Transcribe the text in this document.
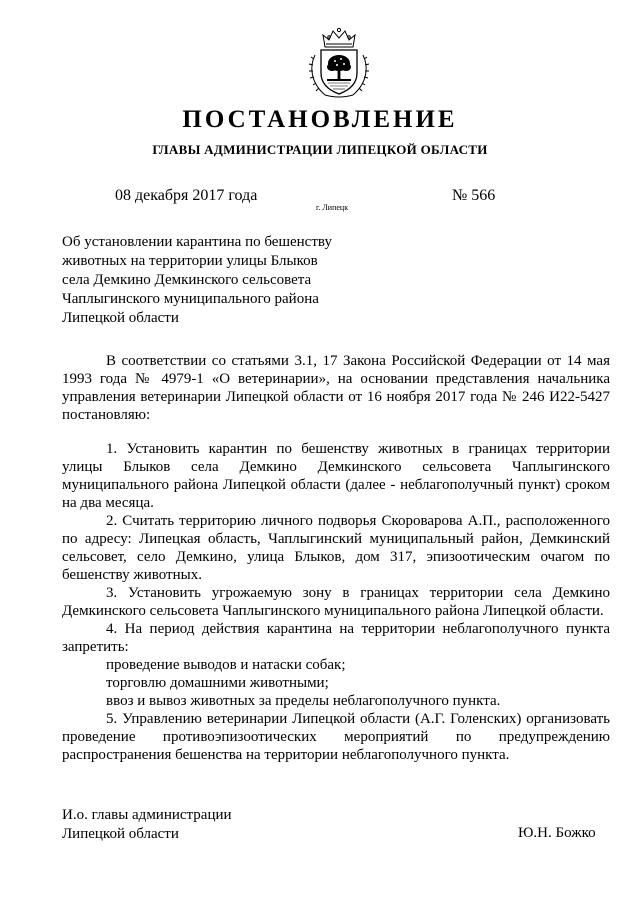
ПОСТАНОВЛЕНИЕ
ГЛАВЫ АДМИНИСТРАЦИИ ЛИПЕЦКОЙ ОБЛАСТИ
08 декабря 2017 года
г. Липецк
№ 566
Об установлении карантина по бешенству
животных на территории улицы Блыков
села Демкино Демкинского сельсовета
Чаплыгинского муниципального района
Липецкой области

В соответствии со статьями 3.1, 17 Закона Российской Федерации от 14 мая 1993 года № 4979-1 «О ветеринарии», на основании представления начальника управления ветеринарии Липецкой области от 16 ноября 2017 года № 246 И22-5427 постановляю:

1. Установить карантин по бешенству животных в границах территории улицы Блыков села Демкино Демкинского сельсовета Чаплыгинского муниципального района Липецкой области (далее - неблагополучный пункт) сроком на два месяца.

2. Считать территорию личного подворья Скороварова А.П., расположенного по адресу: Липецкая область, Чаплыгинский муниципальный район, Демкинский сельсовет, село Демкино, улица Блыков, дом 317, эпизоотическим очагом по бешенству животных.

3. Установить угрожаемую зону в границах территории села Демкино Демкинского сельсовета Чаплыгинского муниципального района Липецкой области.

4. На период действия карантина на территории неблагополучного пункта запретить:

проведение выводов и натаски собак;

торговлю домашними животными;

ввоз и вывоз животных за пределы неблагополучного пункта.

5. Управлению ветеринарии Липецкой области (А.Г. Голенских) организовать проведение противоэпизоотических мероприятий по предупреждению распространения бешенства на территории неблагополучного пункта.

И.о. главы администрации
Липецкой области	Ю.Н. Божко
